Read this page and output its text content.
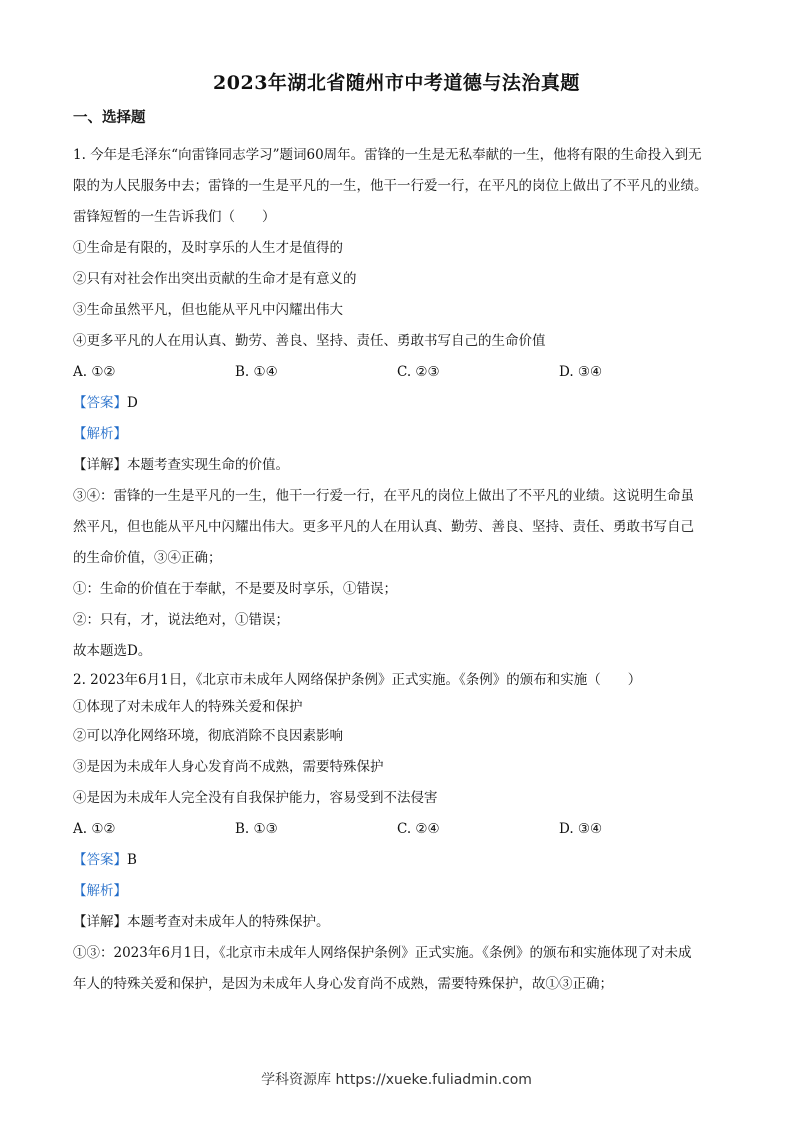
2023年湖北省随州市中考道德与法治真题
一、选择题
1. 今年是毛泽东“向雷锋同志学习”题词60周年。雷锋的一生是无私奉献的一生，他将有限的生命投入到无
限的为人民服务中去；雷锋的一生是平凡的一生，他干一行爱一行，在平凡的岗位上做出了不平凡的业绩。
雷锋短暂的一生告诉我们（　　）
①生命是有限的，及时享乐的人生才是值得的
②只有对社会作出突出贡献的生命才是有意义的
③生命虽然平凡，但也能从平凡中闪耀出伟大
④更多平凡的人在用认真、勤劳、善良、坚持、责任、勇敢书写自己的生命价值
A. ①②	B. ①④	C. ②③	D. ③④
【答案】D
【解析】
【详解】本题考查实现生命的价值。
③④：雷锋的一生是平凡的一生，他干一行爱一行，在平凡的岗位上做出了不平凡的业绩。这说明生命虽
然平凡，但也能从平凡中闪耀出伟大。更多平凡的人在用认真、勤劳、善良、坚持、责任、勇敢书写自己
的生命价值，③④正确；
①：生命的价值在于奉献，不是要及时享乐，①错误；
②：只有，才，说法绝对，①错误；
故本题选D。
2. 2023年6月1日，《北京市未成年人网络保护条例》正式实施。《条例》的颁布和实施（　　）
①体现了对未成年人的特殊关爱和保护
②可以净化网络环境，彻底消除不良因素影响
③是因为未成年人身心发育尚不成熟，需要特殊保护
④是因为未成年人完全没有自我保护能力，容易受到不法侵害
A. ①②	B. ①③	C. ②④	D. ③④
【答案】B
【解析】
【详解】本题考查对未成年人的特殊保护。
①③：2023年6月1日，《北京市未成年人网络保护条例》正式实施。《条例》的颁布和实施体现了对未成
年人的特殊关爱和保护，是因为未成年人身心发育尚不成熟，需要特殊保护，故①③正确；
学科资源库 https://xueke.fuliadmin.com
